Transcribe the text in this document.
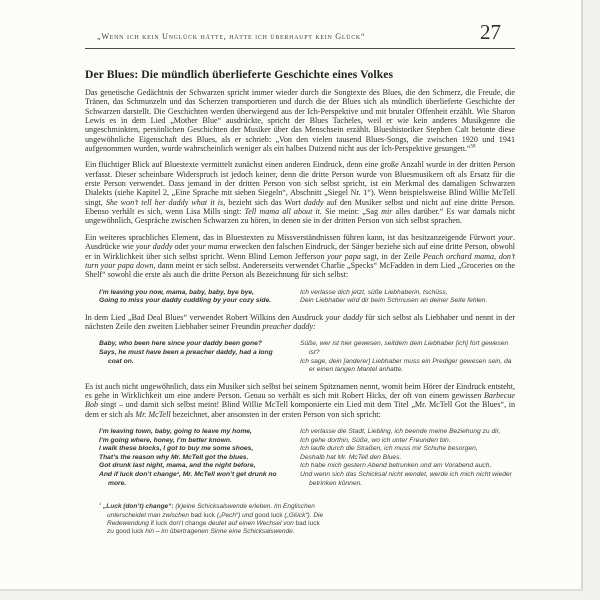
„Wenn ich kein Unglück hätte, hätte ich überhaupt kein Glück“	27
Der Blues: Die mündlich überlieferte Geschichte eines Volkes

Das genetische Gedächtnis der Schwarzen spricht immer wieder durch die Songtexte des Blues, die den Schmerz, die Freude, die Tränen, das Schmunzeln und das Scherzen transportieren und durch die der Blues sich als mündlich überlieferte Geschichte der Schwarzen darstellt. Die Geschichten werden überwiegend aus der Ich-Perspektive und mit brutaler Offenheit erzählt. Wie Sharon Lewis es in dem Lied „Mother Blue“ ausdrückte, spricht der Blues Tacheles, weil er wie kein anderes Musikgenre die ungeschminkten, persönlichen Geschichten der Musiker über das Menschsein erzählt. Blueshistoriker Stephen Calt betonte diese ungewöhnliche Eigenschaft des Blues, als er schrieb: „Von den vielen tausend Blues-Songs, die zwischen 1920 und 1941 aufgenommen wurden, wurde wahrscheinlich weniger als ein halbes Dutzend nicht aus der Ich-Perspektive gesungen.“$^{58}$

Ein flüchtiger Blick auf Bluestexte vermittelt zunächst einen anderen Eindruck, denn eine große Anzahl wurde in der dritten Person verfasst. Dieser scheinbare Widerspruch ist jedoch keiner, denn die dritte Person wurde von Bluesmusikern oft als Ersatz für die erste Person verwendet. Dass jemand in der dritten Person von sich selbst spricht, ist ein Merkmal des damaligen Schwarzen Dialekts (siehe Kapitel 2, „Eine Sprache mit sieben Siegeln“, Abschnitt „Siegel Nr. 1“). Wenn beispielsweise Blind Willie McTell singt, She won’t tell her daddy what it is, bezieht sich das Wort daddy auf den Musiker selbst und nicht auf eine dritte Person. Ebenso verhält es sich, wenn Lisa Mills singt: Tell mama all about it. Sie meint: „Sag mir alles darüber.“ Es war damals nicht ungewöhnlich, Gespräche zwischen Schwarzen zu hören, in denen sie in der dritten Person von sich selbst sprachen.

Ein weiteres sprachliches Element, das in Bluestexten zu Missverständnissen führen kann, ist das besitzanzeigende Fürwort your. Ausdrücke wie your daddy oder your mama erwecken den falschen Eindruck, der Sänger beziehe sich auf eine dritte Person, obwohl er in Wirklichkeit über sich selbst spricht. Wenn Blind Lemon Jefferson your papa sagt, in der Zeile Peach orchard mama, don’t turn your papa down, dann meint er sich selbst. Andererseits verwendet Charlie „Specks“ McFadden in dem Lied „Groceries on the Shelf“ sowohl die erste als auch die dritte Person als Bezeichnung für sich selbst:

I’m leaving you now, mama, baby, baby, bye bye,
Going to miss your daddy cuddling by your cozy side.
Ich verlasse dich jetzt, süße Liebhaberin, tschüss,
Dein Liebhaber wird dir beim Schmusen an deiner Seite fehlen.

In dem Lied „Bad Deal Blues“ verwendet Robert Wilkins den Ausdruck your daddy für sich selbst als Liebhaber und nennt in der nächsten Zeile den zweiten Liebhaber seiner Freundin preacher daddy:

Baby, who been here since your daddy been gone?
Says, he must have been a preacher daddy, had a long coat on.
Süße, wer ist hier gewesen, seitdem dein Liebhaber [ich] fort gewesen ist?
Ich sage, dein [anderer] Liebhaber muss ein Prediger gewesen sein, da er einen langen Mantel anhatte.

Es ist auch nicht ungewöhnlich, dass ein Musiker sich selbst bei seinem Spitznamen nennt, womit beim Hörer der Eindruck entsteht, es gehe in Wirklichkeit um eine andere Person. Genau so verhält es sich mit Robert Hicks, der oft von einem gewissen Barbecue Bob singt – und damit sich selbst meint! Blind Willie McTell komponierte ein Lied mit dem Titel „Mr. McTell Got the Blues“, in dem er sich als Mr. McTell bezeichnet, aber ansonsten in der ersten Person von sich spricht:

I’m leaving town, baby, going to leave my home,
I’m going where, honey, I’m better known.
I walk these blocks, I got to buy me some shoes,
That’s the reason why Mr. McTell got the blues.
Got drunk last night, mama, and the night before,
And if luck don’t change¹, Mr. McTell won’t get drunk no more.
Ich verlasse die Stadt, Liebling, ich beende meine Beziehung zu dir,
Ich gehe dorthin, Süße, wo ich unter Freunden bin.
Ich laufe durch die Straßen, ich muss mir Schuhe besorgen,
Deshalb hat Mr. McTell den Blues.
Ich habe mich gestern Abend betrunken und am Vorabend auch,
Und wenn sich das Schicksal nicht wendet, werde ich mich nicht wieder betrinken können.
$^1$ „Luck (don’t) change“: (k)eine Schicksalswende erleben. Im Englischen unterscheidet man zwischen bad luck („Pech“) und good luck („Glück“). Die Redewendung if luck don’t change deutet auf einen Wechsel von bad luck zu good luck hin – im übertragenen Sinne eine Schicksalswende.
